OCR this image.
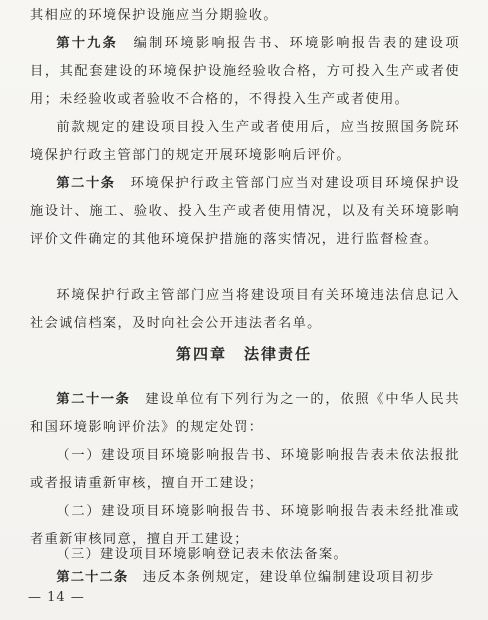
其相应的环境保护设施应当分期验收。

第十九条　 编制环境影响报告书、环境影响报告表的建设项目，其配套建设的环境保护设施经验收合格，方可投入生产或者使用；未经验收或者验收不合格的，不得投入生产或者使用。

前款规定的建设项目投入生产或者使用后，应当按照国务院环境保护行政主管部门的规定开展环境影响后评价。

第二十条　 环境保护行政主管部门应当对建设项目环境保护设施设计、施工、验收、投入生产或者使用情况，以及有关环境影响评价文件确定的其他环境保护措施的落实情况，进行监督检查。

环境保护行政主管部门应当将建设项目有关环境违法信息记入社会诚信档案，及时向社会公开违法者名单。

第四章　法律责任

第二十一条　 建设单位有下列行为之一的，依照《中华人民共和国环境影响评价法》的规定处罚：

（一）建设项目环境影响报告书、环境影响报告表未依法报批或者报请重新审核，擅自开工建设；

（二）建设项目环境影响报告书、环境影响报告表未经批准或者重新审核同意，擅自开工建设；

（三）建设项目环境影响登记表未依法备案。

第二十二条　 违反本条例规定，建设单位编制建设项目初步

— 14 —
